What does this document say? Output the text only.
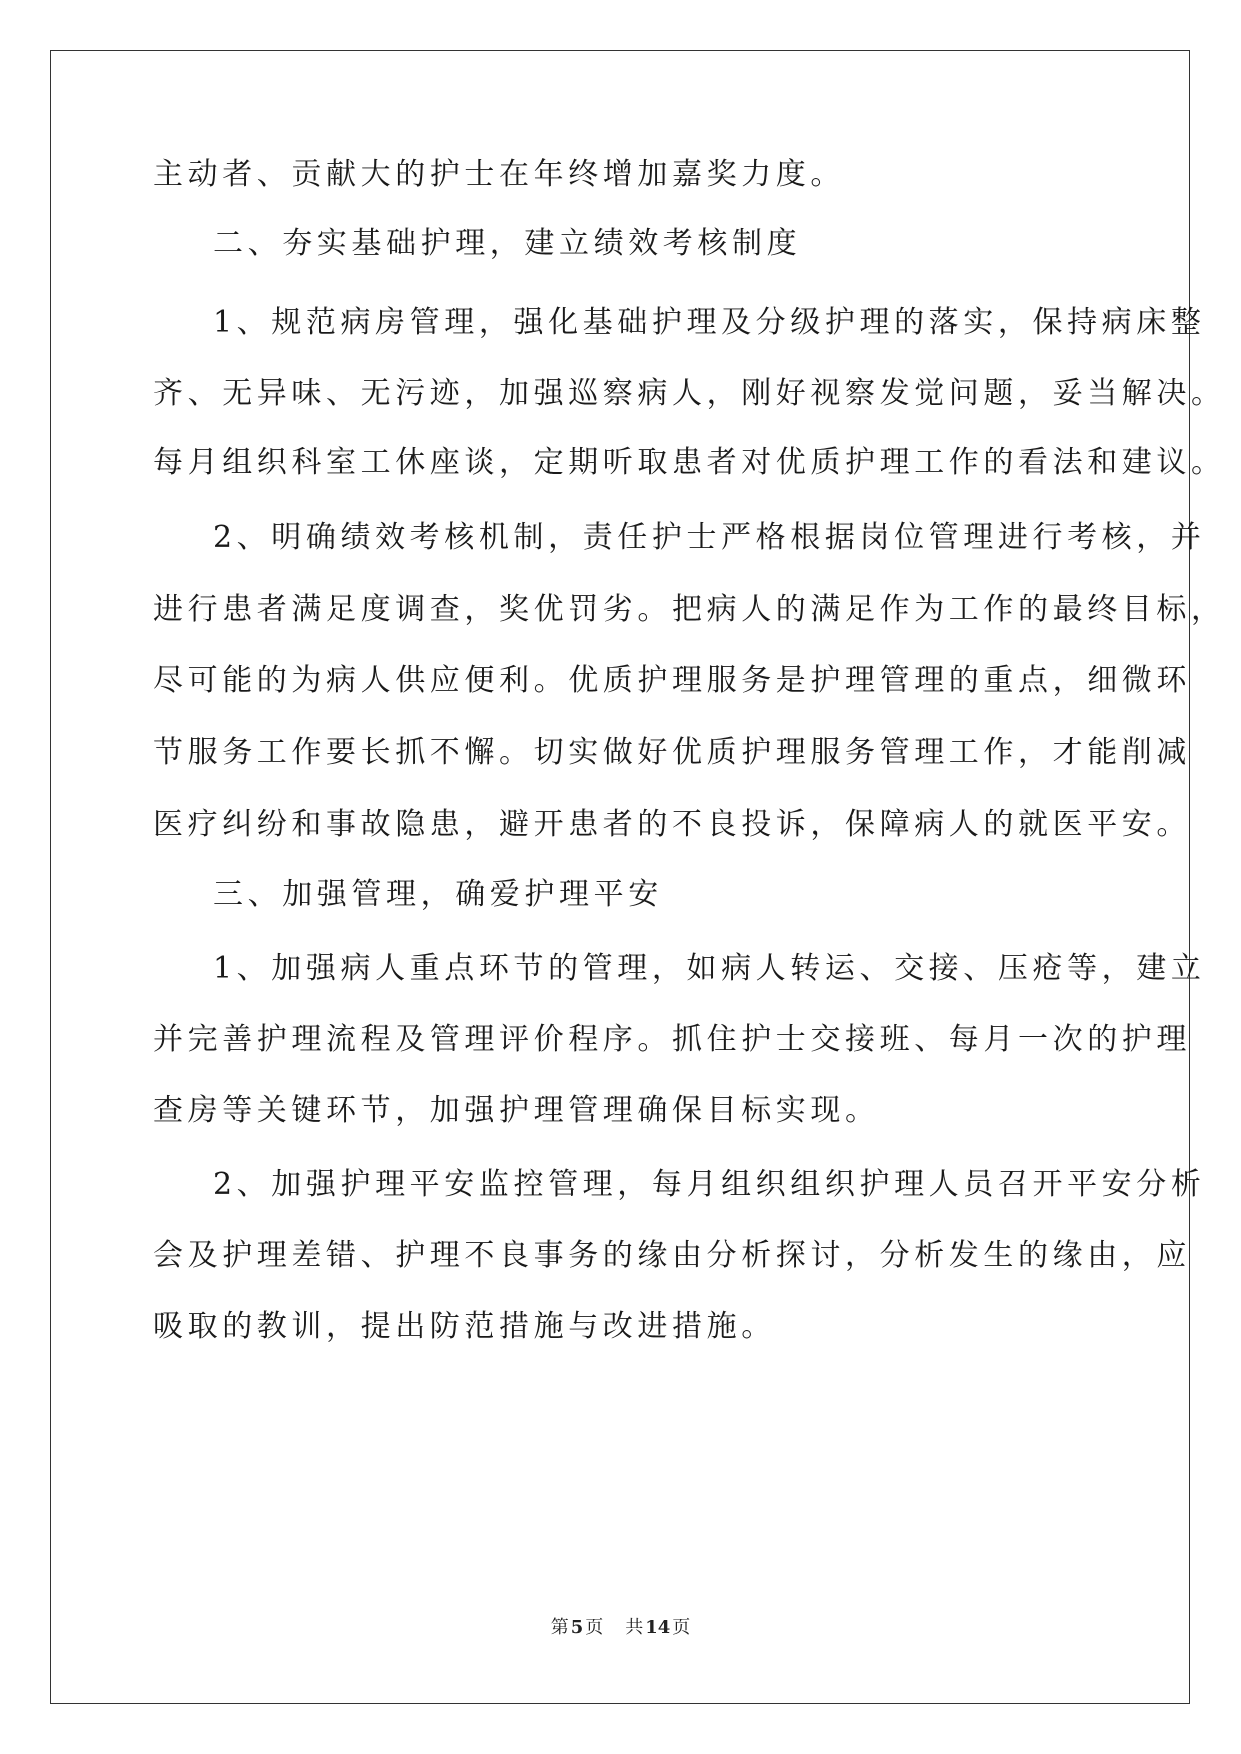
主动者、贡献大的护士在年终增加嘉奖力度。
二、夯实基础护理，建立绩效考核制度
1、规范病房管理，强化基础护理及分级护理的落实，保持病床整
齐、无异味、无污迹，加强巡察病人，刚好视察发觉问题，妥当解决。
每月组织科室工休座谈，定期听取患者对优质护理工作的看法和建议。
2、明确绩效考核机制，责任护士严格根据岗位管理进行考核，并
进行患者满足度调查，奖优罚劣。把病人的满足作为工作的最终目标，
尽可能的为病人供应便利。优质护理服务是护理管理的重点，细微环
节服务工作要长抓不懈。切实做好优质护理服务管理工作，才能削减
医疗纠纷和事故隐患，避开患者的不良投诉，保障病人的就医平安。
三、加强管理，确爱护理平安
1、加强病人重点环节的管理，如病人转运、交接、压疮等，建立
并完善护理流程及管理评价程序。抓住护士交接班、每月一次的护理
查房等关键环节，加强护理管理确保目标实现。
2、加强护理平安监控管理，每月组织组织护理人员召开平安分析
会及护理差错、护理不良事务的缘由分析探讨，分析发生的缘由，应
吸取的教训，提出防范措施与改进措施。
第 5 页 共 14 页
